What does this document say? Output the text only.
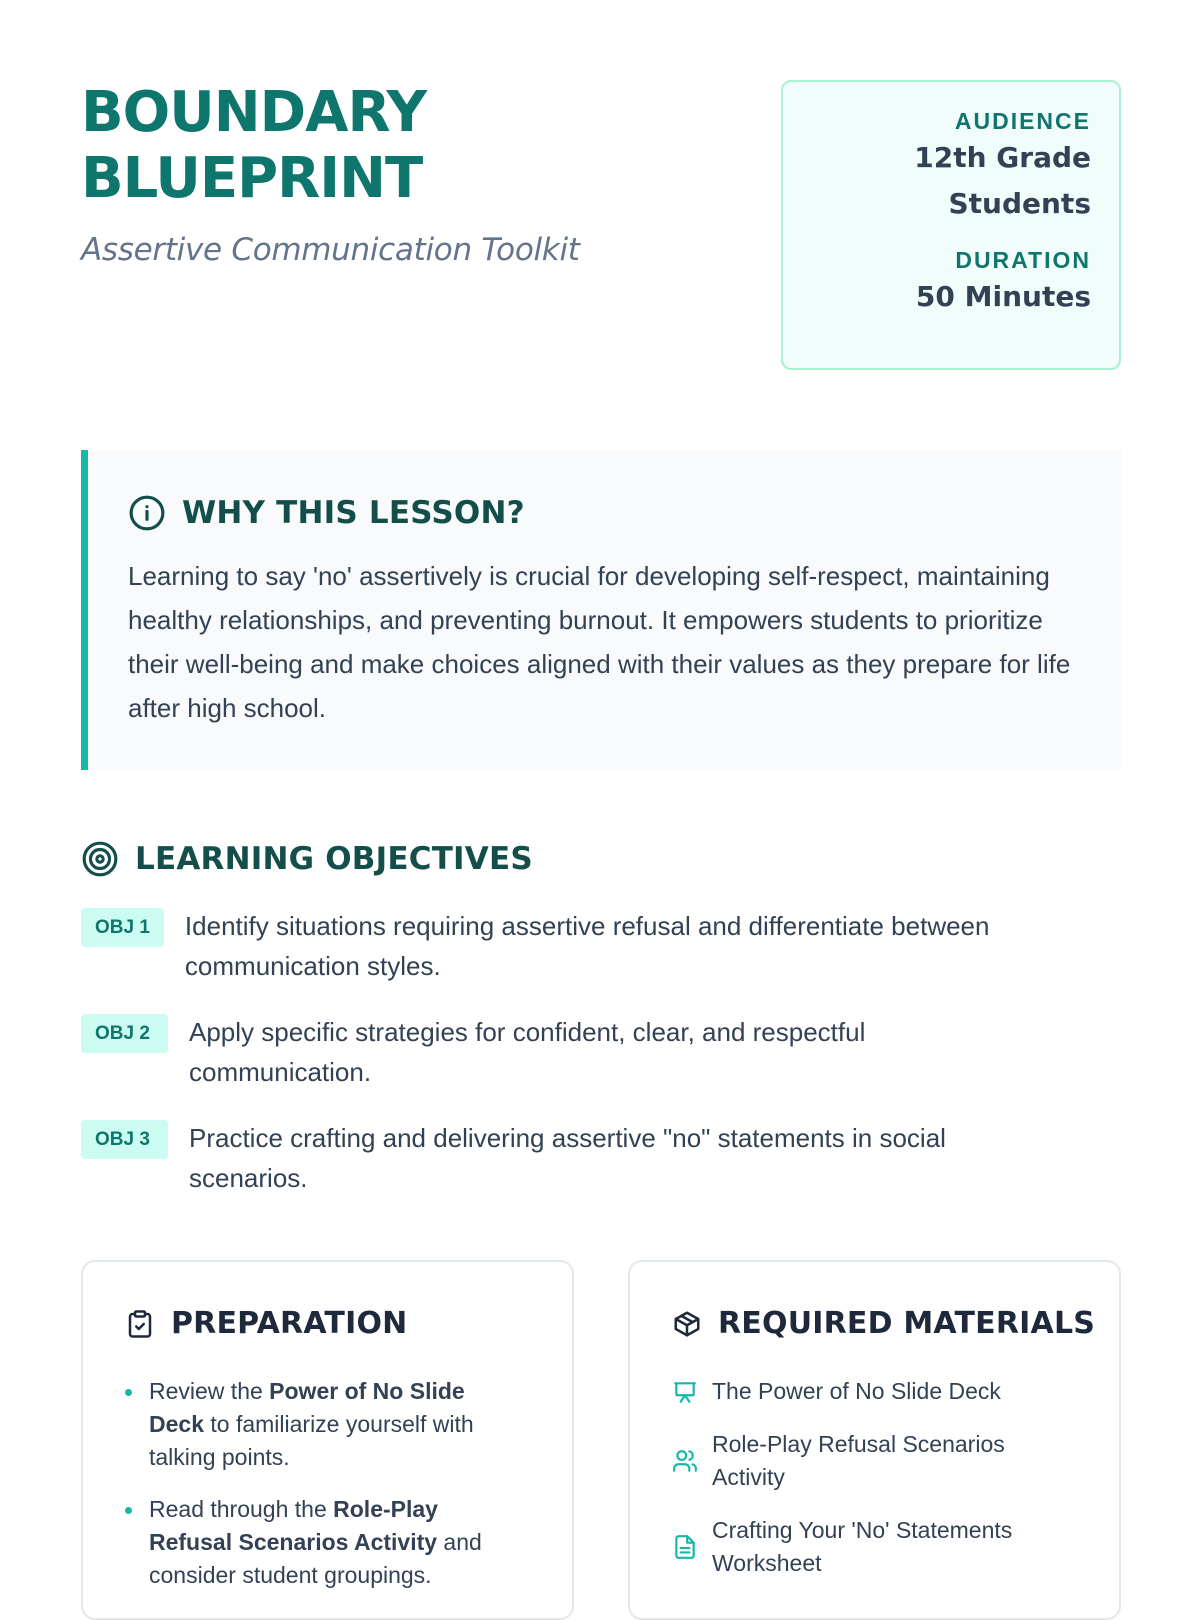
BOUNDARY
BLUEPRINT
Assertive Communication Toolkit
AUDIENCE
12th Grade Students
DURATION
50 Minutes
WHY THIS LESSON?

Learning to say 'no' assertively is crucial for developing self-respect, maintaining healthy relationships, and preventing burnout. It empowers students to prioritize their well-being and make choices aligned with their values as they prepare for life after high school.

LEARNING OBJECTIVES
OBJ 1	Identify situations requiring assertive refusal and differentiate between communication styles.
OBJ 2	Apply specific strategies for confident, clear, and respectful communication.
OBJ 3	Practice crafting and delivering assertive "no" statements in social scenarios.
PREPARATION
Review the Power of No Slide Deck to familiarize yourself with talking points.
Read through the Role-Play Refusal Scenarios Activity and consider student groupings.
REQUIRED MATERIALS
The Power of No Slide Deck
Role-Play Refusal Scenarios Activity
Crafting Your 'No' Statements Worksheet
